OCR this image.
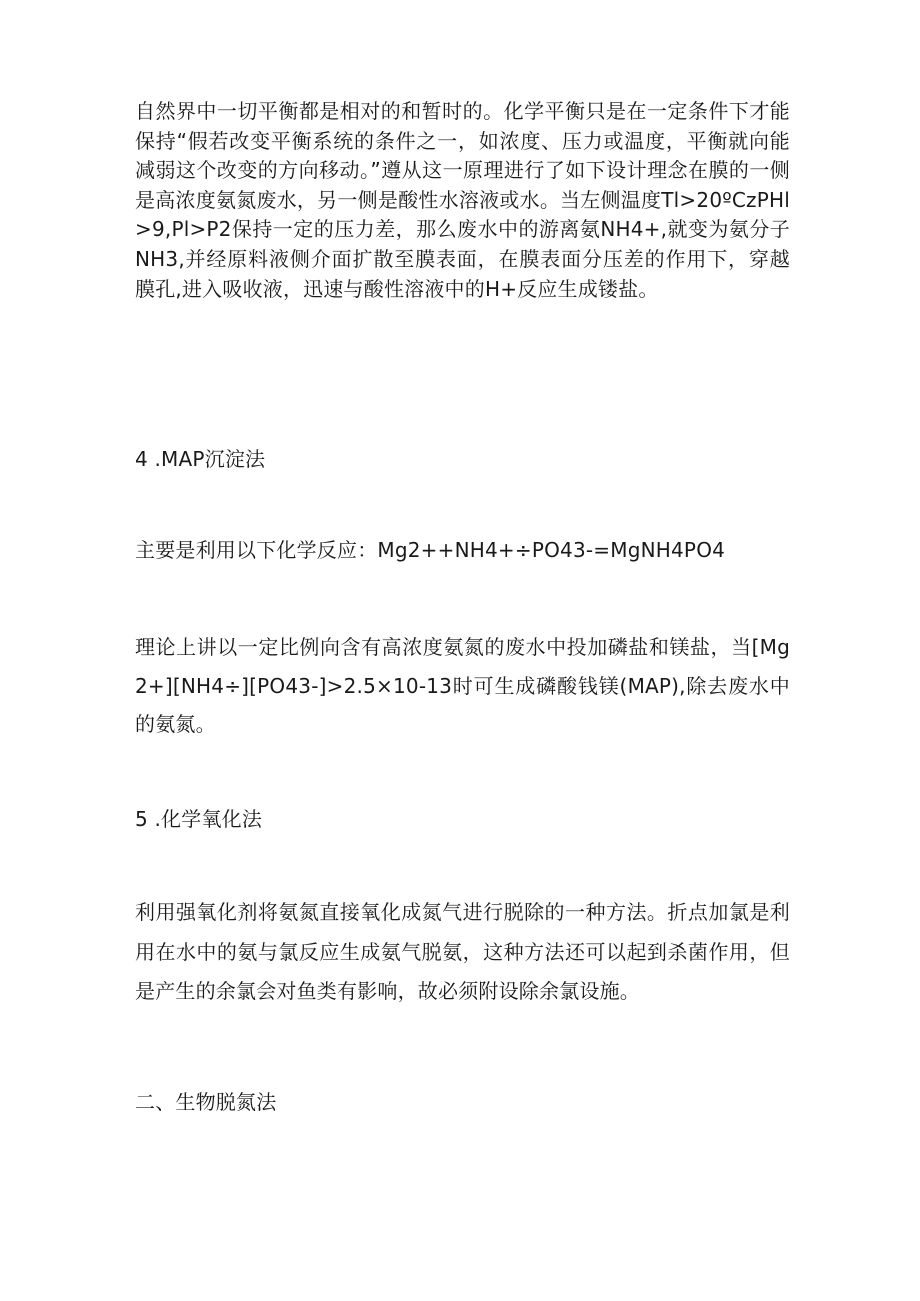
自然界中一切平衡都是相对的和暂时的。化学平衡只是在一定条件下才能保持“假若改变平衡系统的条件之一，如浓度、压力或温度，平衡就向能减弱这个改变的方向移动。”遵从这一原理进行了如下设计理念在膜的一侧是高浓度氨氮废水，另一侧是酸性水溶液或水。当左侧温度Tl>20ºCzPHl>9,Pl>P2保持一定的压力差，那么废水中的游离氨NH4+,就变为氨分子NH3,并经原料液侧介面扩散至膜表面，在膜表面分压差的作用下，穿越膜孔,进入吸收液，迅速与酸性溶液中的H+反应生成镂盐。

4 .MAP沉淀法

主要是利用以下化学反应：Mg2++NH4+÷PO43-=MgNH4PO4

理论上讲以一定比例向含有高浓度氨氮的废水中投加磷盐和镁盐，当[Mg2+][NH4÷][PO43-]>2.5×10-13时可生成磷酸钱镁(MAP),除去废水中的氨氮。

5 .化学氧化法

利用强氧化剂将氨氮直接氧化成氮气进行脱除的一种方法。折点加氯是利用在水中的氨与氯反应生成氨气脱氨，这种方法还可以起到杀菌作用，但是产生的余氯会对鱼类有影响，故必须附设除余氯设施。

二、生物脱氮法
